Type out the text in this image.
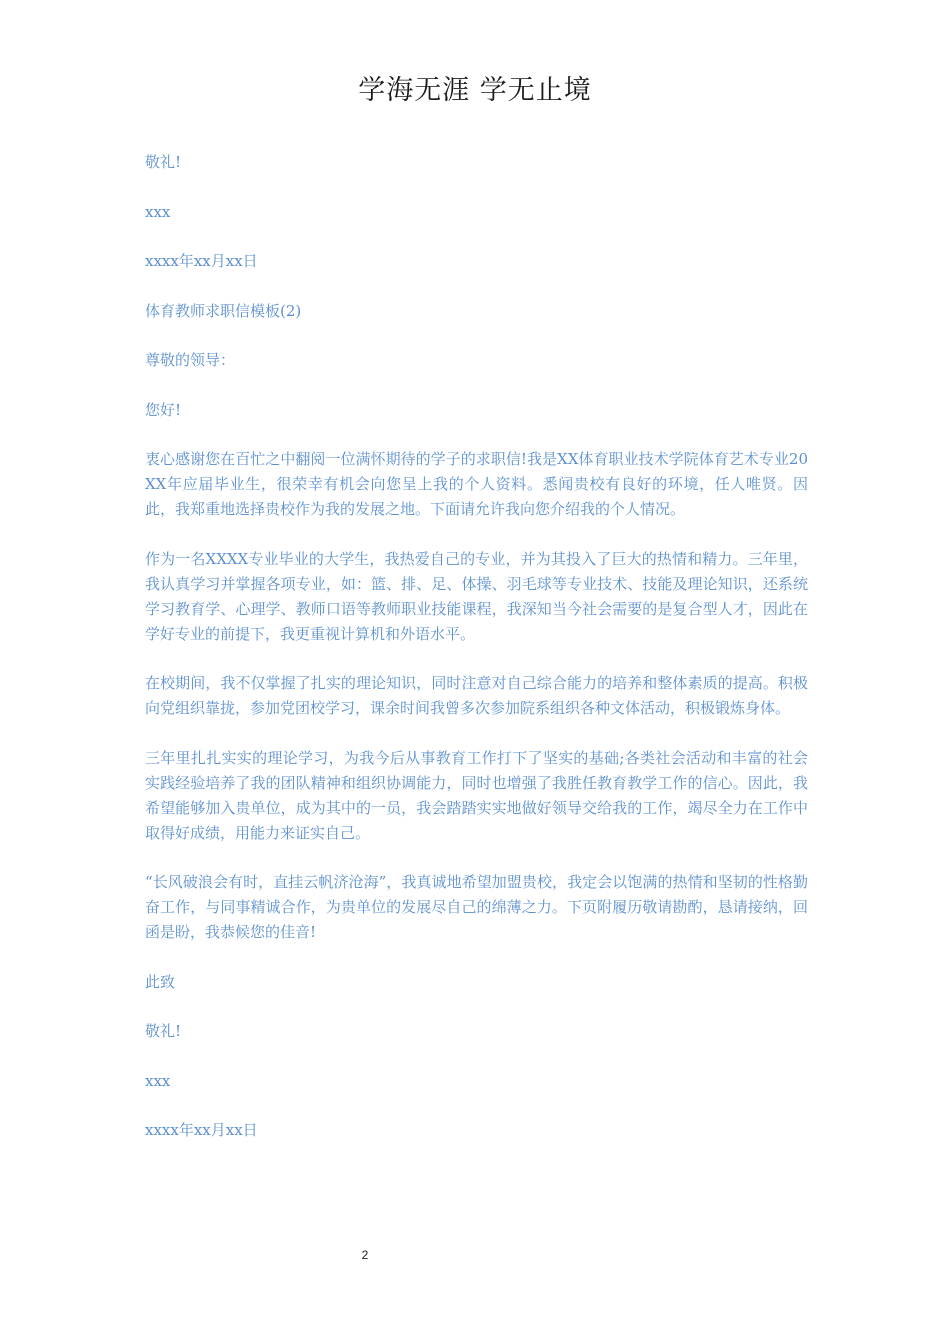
学海无涯 学无止境

敬礼!

xxx

xxxx年xx月xx日

体育教师求职信模板(2)

尊敬的领导：

您好!

衷心感谢您在百忙之中翻阅一位满怀期待的学子的求职信!我是XX体育职业技术学院体育艺术专业20XX年应届毕业生，很荣幸有机会向您呈上我的个人资料。悉闻贵校有良好的环境，任人唯贤。因此，我郑重地选择贵校作为我的发展之地。下面请允许我向您介绍我的个人情况。

作为一名XXXX专业毕业的大学生，我热爱自己的专业，并为其投入了巨大的热情和精力。三年里，我认真学习并掌握各项专业，如：篮、排、足、体操、羽毛球等专业技术、技能及理论知识，还系统学习教育学、心理学、教师口语等教师职业技能课程，我深知当今社会需要的是复合型人才，因此在学好专业的前提下，我更重视计算机和外语水平。

在校期间，我不仅掌握了扎实的理论知识，同时注意对自己综合能力的培养和整体素质的提高。积极向党组织靠拢，参加党团校学习，课余时间我曾多次参加院系组织各种文体活动，积极锻炼身体。

三年里扎扎实实的理论学习，为我今后从事教育工作打下了坚实的基础;各类社会活动和丰富的社会实践经验培养了我的团队精神和组织协调能力，同时也增强了我胜任教育教学工作的信心。因此，我希望能够加入贵单位，成为其中的一员，我会踏踏实实地做好领导交给我的工作，竭尽全力在工作中取得好成绩，用能力来证实自己。

“长风破浪会有时，直挂云帆济沧海”，我真诚地希望加盟贵校，我定会以饱满的热情和坚韧的性格勤奋工作，与同事精诚合作，为贵单位的发展尽自己的绵薄之力。下页附履历敬请勘酌，恳请接纳，回函是盼，我恭候您的佳音!

此致

敬礼!

xxx

xxxx年xx月xx日

2
